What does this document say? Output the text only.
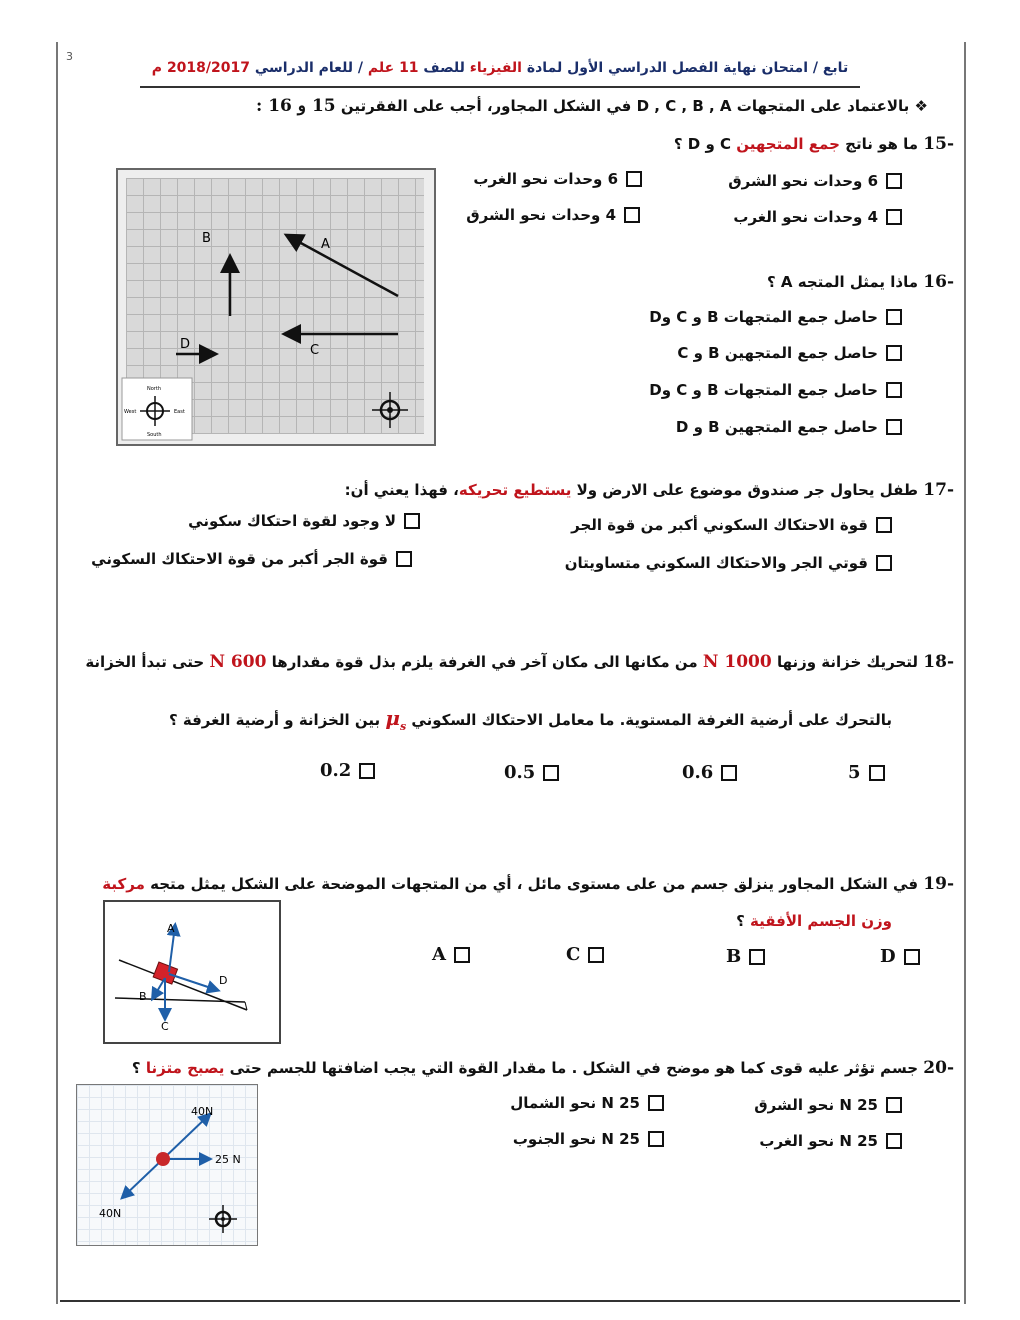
3
تابع / امتحان نهاية الفصل الدراسي الأول لمادة الفيزياء للصف 11 علم / للعام الدراسي 2018/2017 م
❖ بالاعتماد على المتجهات D , C , B , A في الشكل المجاور، أجب على الفقرتين 15 و 16 :
-15 ما هو ناتج جمع المتجهين C و D ؟
6 وحدات نحو الشرق
6 وحدات نحو الغرب
4 وحدات نحو الغرب
4 وحدات نحو الشرق
A
B
C
D
North
South
West	East
-16 ماذا يمثل المتجه A ؟
حاصل جمع المتجهات B و C وD
حاصل جمع المتجهين B و C
حاصل جمع المتجهات B و C وD
حاصل جمع المتجهين B و D
-17 طفل يحاول جر صندوق موضوع على الارض ولا يستطيع تحريكه، فهذا يعني أن:
قوة الاحتكاك السكوني أكبر من قوة الجر
لا وجود لقوة احتكاك سكوني
قوتي الجر والاحتكاك السكوني متساويتان
قوة الجر أكبر من قوة الاحتكاك السكوني
-18 لتحريك خزانة وزنها 1000 N من مكانها الى مكان آخر في الغرفة يلزم بذل قوة مقدارها 600 N حتى تبدأ الخزانة
بالتحرك على أرضية الغرفة المستوية. ما معامل الاحتكاك السكوني $\mu_s$ بين الخزانة و أرضية الغرفة ؟
5
0.6
0.5
0.2
-19 في الشكل المجاور ينزلق جسم من على مستوى مائل ، أي من المتجهات الموضحة على الشكل يمثل متجه مركبة
وزن الجسم الأفقية ؟
D
B
C
A
A
D
B
C
-20 جسم تؤثر عليه قوى كما هو موضح في الشكل . ما مقدار القوة التي يجب اضافتها للجسم حتى يصبح متزنا ؟
25 N نحو الشرق
25 N نحو الشمال
25 N نحو الغرب
25 N نحو الجنوب
40N
25 N
40N
